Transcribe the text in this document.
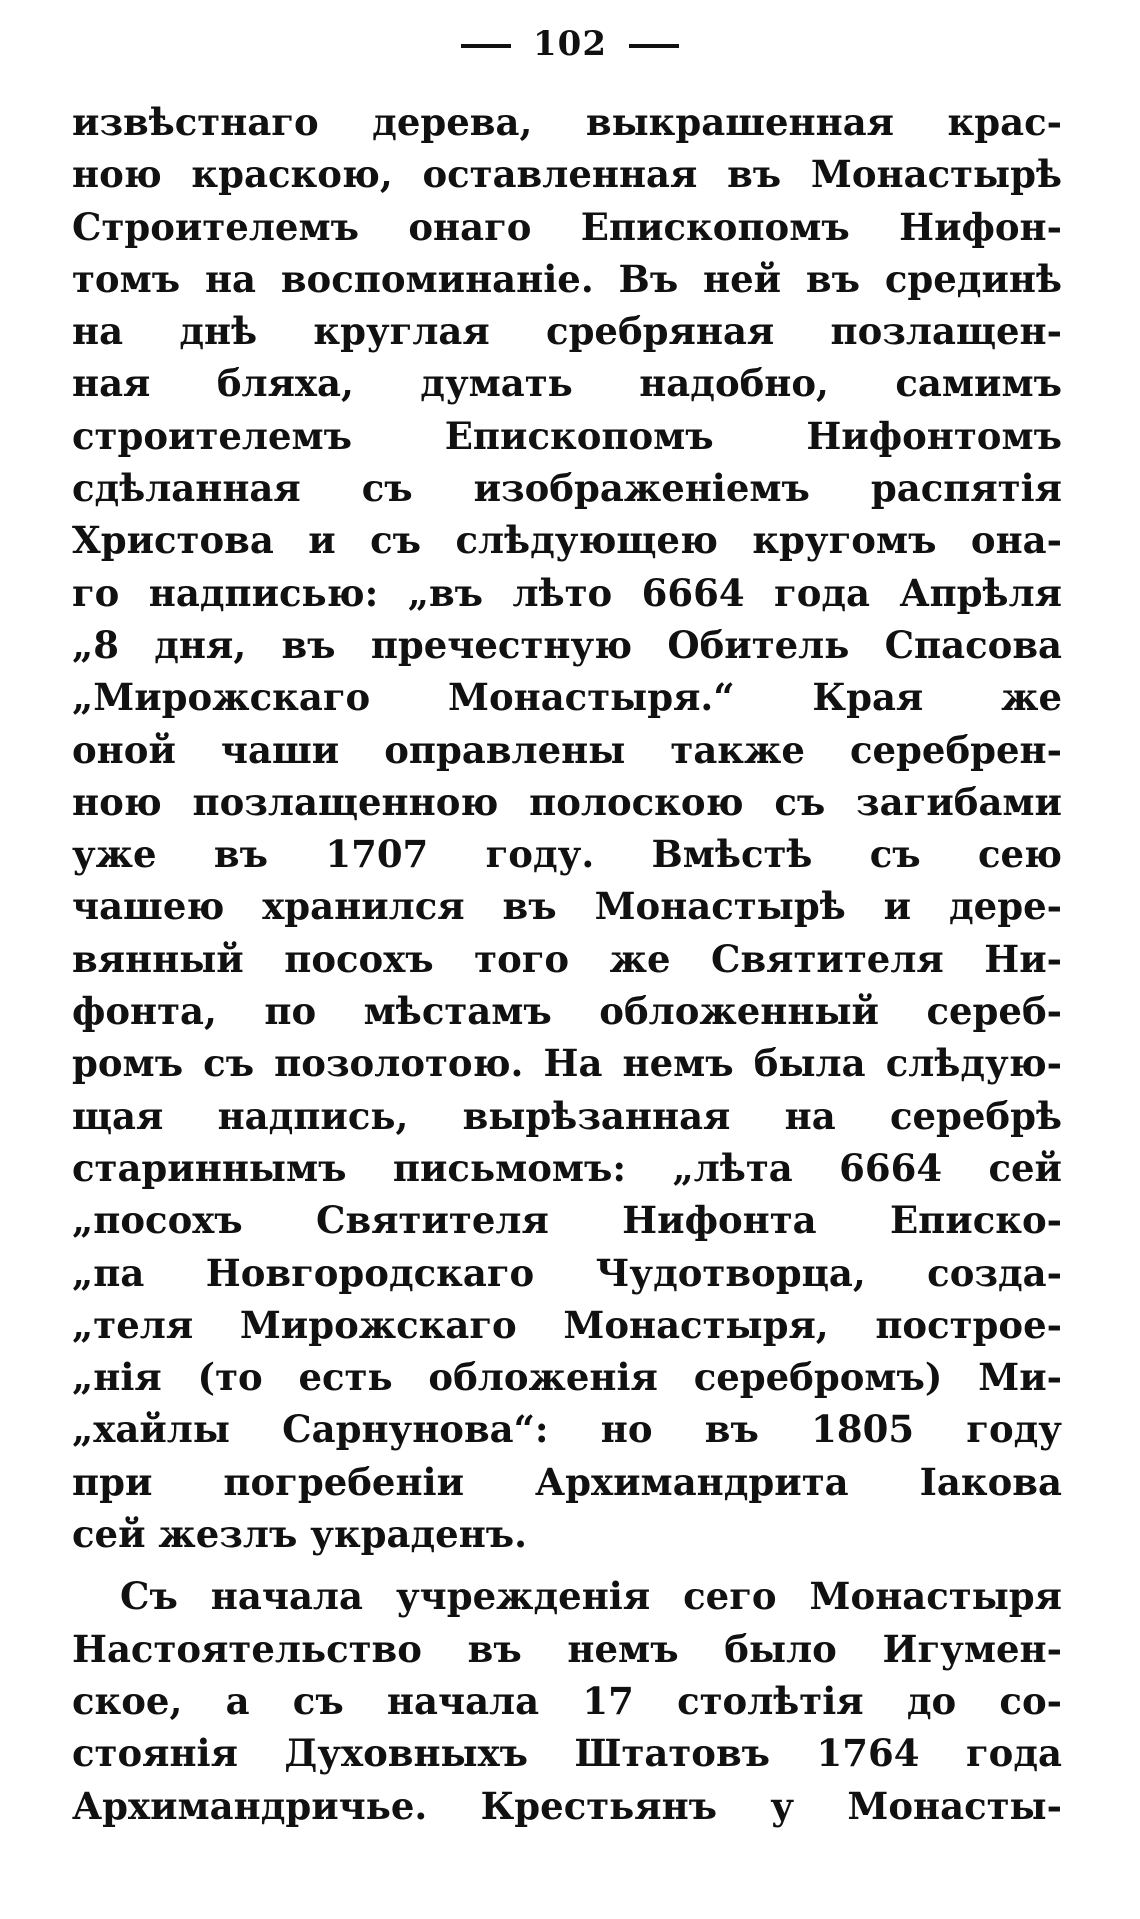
102
извѣстнаго дерева, выкрашенная крас-
ною краскою, оставленная въ Монастырѣ
Строителемъ онаго Епископомъ Нифон-
томъ на воспоминаніе. Въ ней въ срединѣ
на днѣ круглая сребряная позлащен-
ная бляха, думать надобно, самимъ
строителемъ Епископомъ Нифонтомъ
сдѣланная съ изображеніемъ распятія
Христова и съ слѣдующею кругомъ она-
го надписью: „въ лѣто 6664 года Апрѣля
„8 дня, въ пречестную Обитель Спасова
„Мирожскаго Монастыря.“ Края же
оной чаши оправлены также серебрен-
ною позлащенною полоскою съ загибами
уже въ 1707 году. Вмѣстѣ съ сею
чашею хранился въ Монастырѣ и дере-
вянный посохъ того же Святителя Ни-
фонта, по мѣстамъ обложенный сереб-
ромъ съ позолотою. На немъ была слѣдую-
щая надпись, вырѣзанная на серебрѣ
стариннымъ письмомъ: „лѣта 6664 сей
„посохъ Святителя Нифонта Еписко-
„па Новгородскаго Чудотворца, созда-
„теля Мирожскаго Монастыря, построе-
„нія (то есть обложенія серебромъ) Ми-
„хайлы Сарнунова“: но въ 1805 году
при погребеніи Архимандрита Іакова
сей жезлъ украденъ.
Съ начала учрежденія сего Монастыря
Настоятельство въ немъ было Игумен-
ское, а съ начала 17 столѣтія до со-
стоянія Духовныхъ Штатовъ 1764 года
Архимандричье. Крестьянъ у Монасты-
